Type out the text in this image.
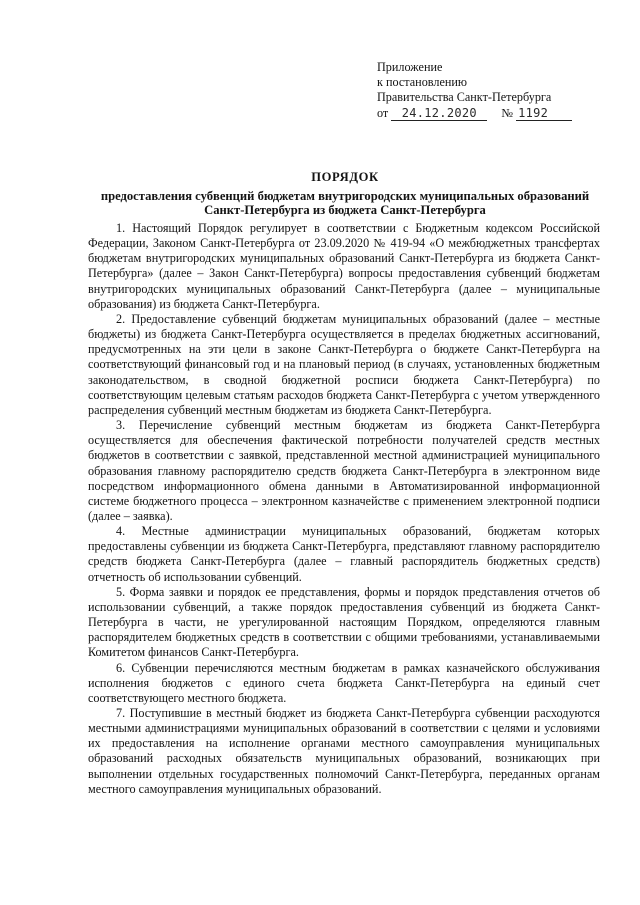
Приложение
к постановлению
Правительства Санкт-Петербурга
от 24.12.2020 № 1192
ПОРЯДОК
предоставления субвенций бюджетам внутригородских муниципальных образований Санкт-Петербурга из бюджета Санкт-Петербурга

1. Настоящий Порядок регулирует в соответствии с Бюджетным кодексом Российской Федерации, Законом Санкт-Петербурга от 23.09.2020 № 419-94 «О межбюджетных трансфертах бюджетам внутригородских муниципальных образований Санкт-Петербурга из бюджета Санкт-Петербурга» (далее – Закон Санкт-Петербурга) вопросы предоставления субвенций бюджетам внутригородских муниципальных образований Санкт-Петербурга (далее – муниципальные образования) из бюджета Санкт-Петербурга.

2. Предоставление субвенций бюджетам муниципальных образований (далее – местные бюджеты) из бюджета Санкт-Петербурга осуществляется в пределах бюджетных ассигнований, предусмотренных на эти цели в законе Санкт-Петербурга о бюджете Санкт-Петербурга на соответствующий финансовый год и на плановый период (в случаях, установленных бюджетным законодательством, в сводной бюджетной росписи бюджета Санкт-Петербурга) по соответствующим целевым статьям расходов бюджета Санкт-Петербурга с учетом утвержденного распределения субвенций местным бюджетам из бюджета Санкт-Петербурга.

3. Перечисление субвенций местным бюджетам из бюджета Санкт-Петербурга осуществляется для обеспечения фактической потребности получателей средств местных бюджетов в соответствии с заявкой, представленной местной администрацией муниципального образования главному распорядителю средств бюджета Санкт-Петербурга в электронном виде посредством информационного обмена данными в Автоматизированной информационной системе бюджетного процесса – электронном казначействе с применением электронной подписи (далее – заявка).

4. Местные администрации муниципальных образований, бюджетам которых предоставлены субвенции из бюджета Санкт-Петербурга, представляют главному распорядителю средств бюджета Санкт-Петербурга (далее – главный распорядитель бюджетных средств) отчетность об использовании субвенций.

5. Форма заявки и порядок ее представления, формы и порядок представления отчетов об использовании субвенций, а также порядок предоставления субвенций из бюджета Санкт-Петербурга в части, не урегулированной настоящим Порядком, определяются главным распорядителем бюджетных средств в соответствии с общими требованиями, устанавливаемыми Комитетом финансов Санкт-Петербурга.

6. Субвенции перечисляются местным бюджетам в рамках казначейского обслуживания исполнения бюджетов с единого счета бюджета Санкт-Петербурга на единый счет соответствующего местного бюджета.

7. Поступившие в местный бюджет из бюджета Санкт-Петербурга субвенции расходуются местными администрациями муниципальных образований в соответствии с целями и условиями их предоставления на исполнение органами местного самоуправления муниципальных образований расходных обязательств муниципальных образований, возникающих при выполнении отдельных государственных полномочий Санкт-Петербурга, переданных органам местного самоуправления муниципальных образований.
